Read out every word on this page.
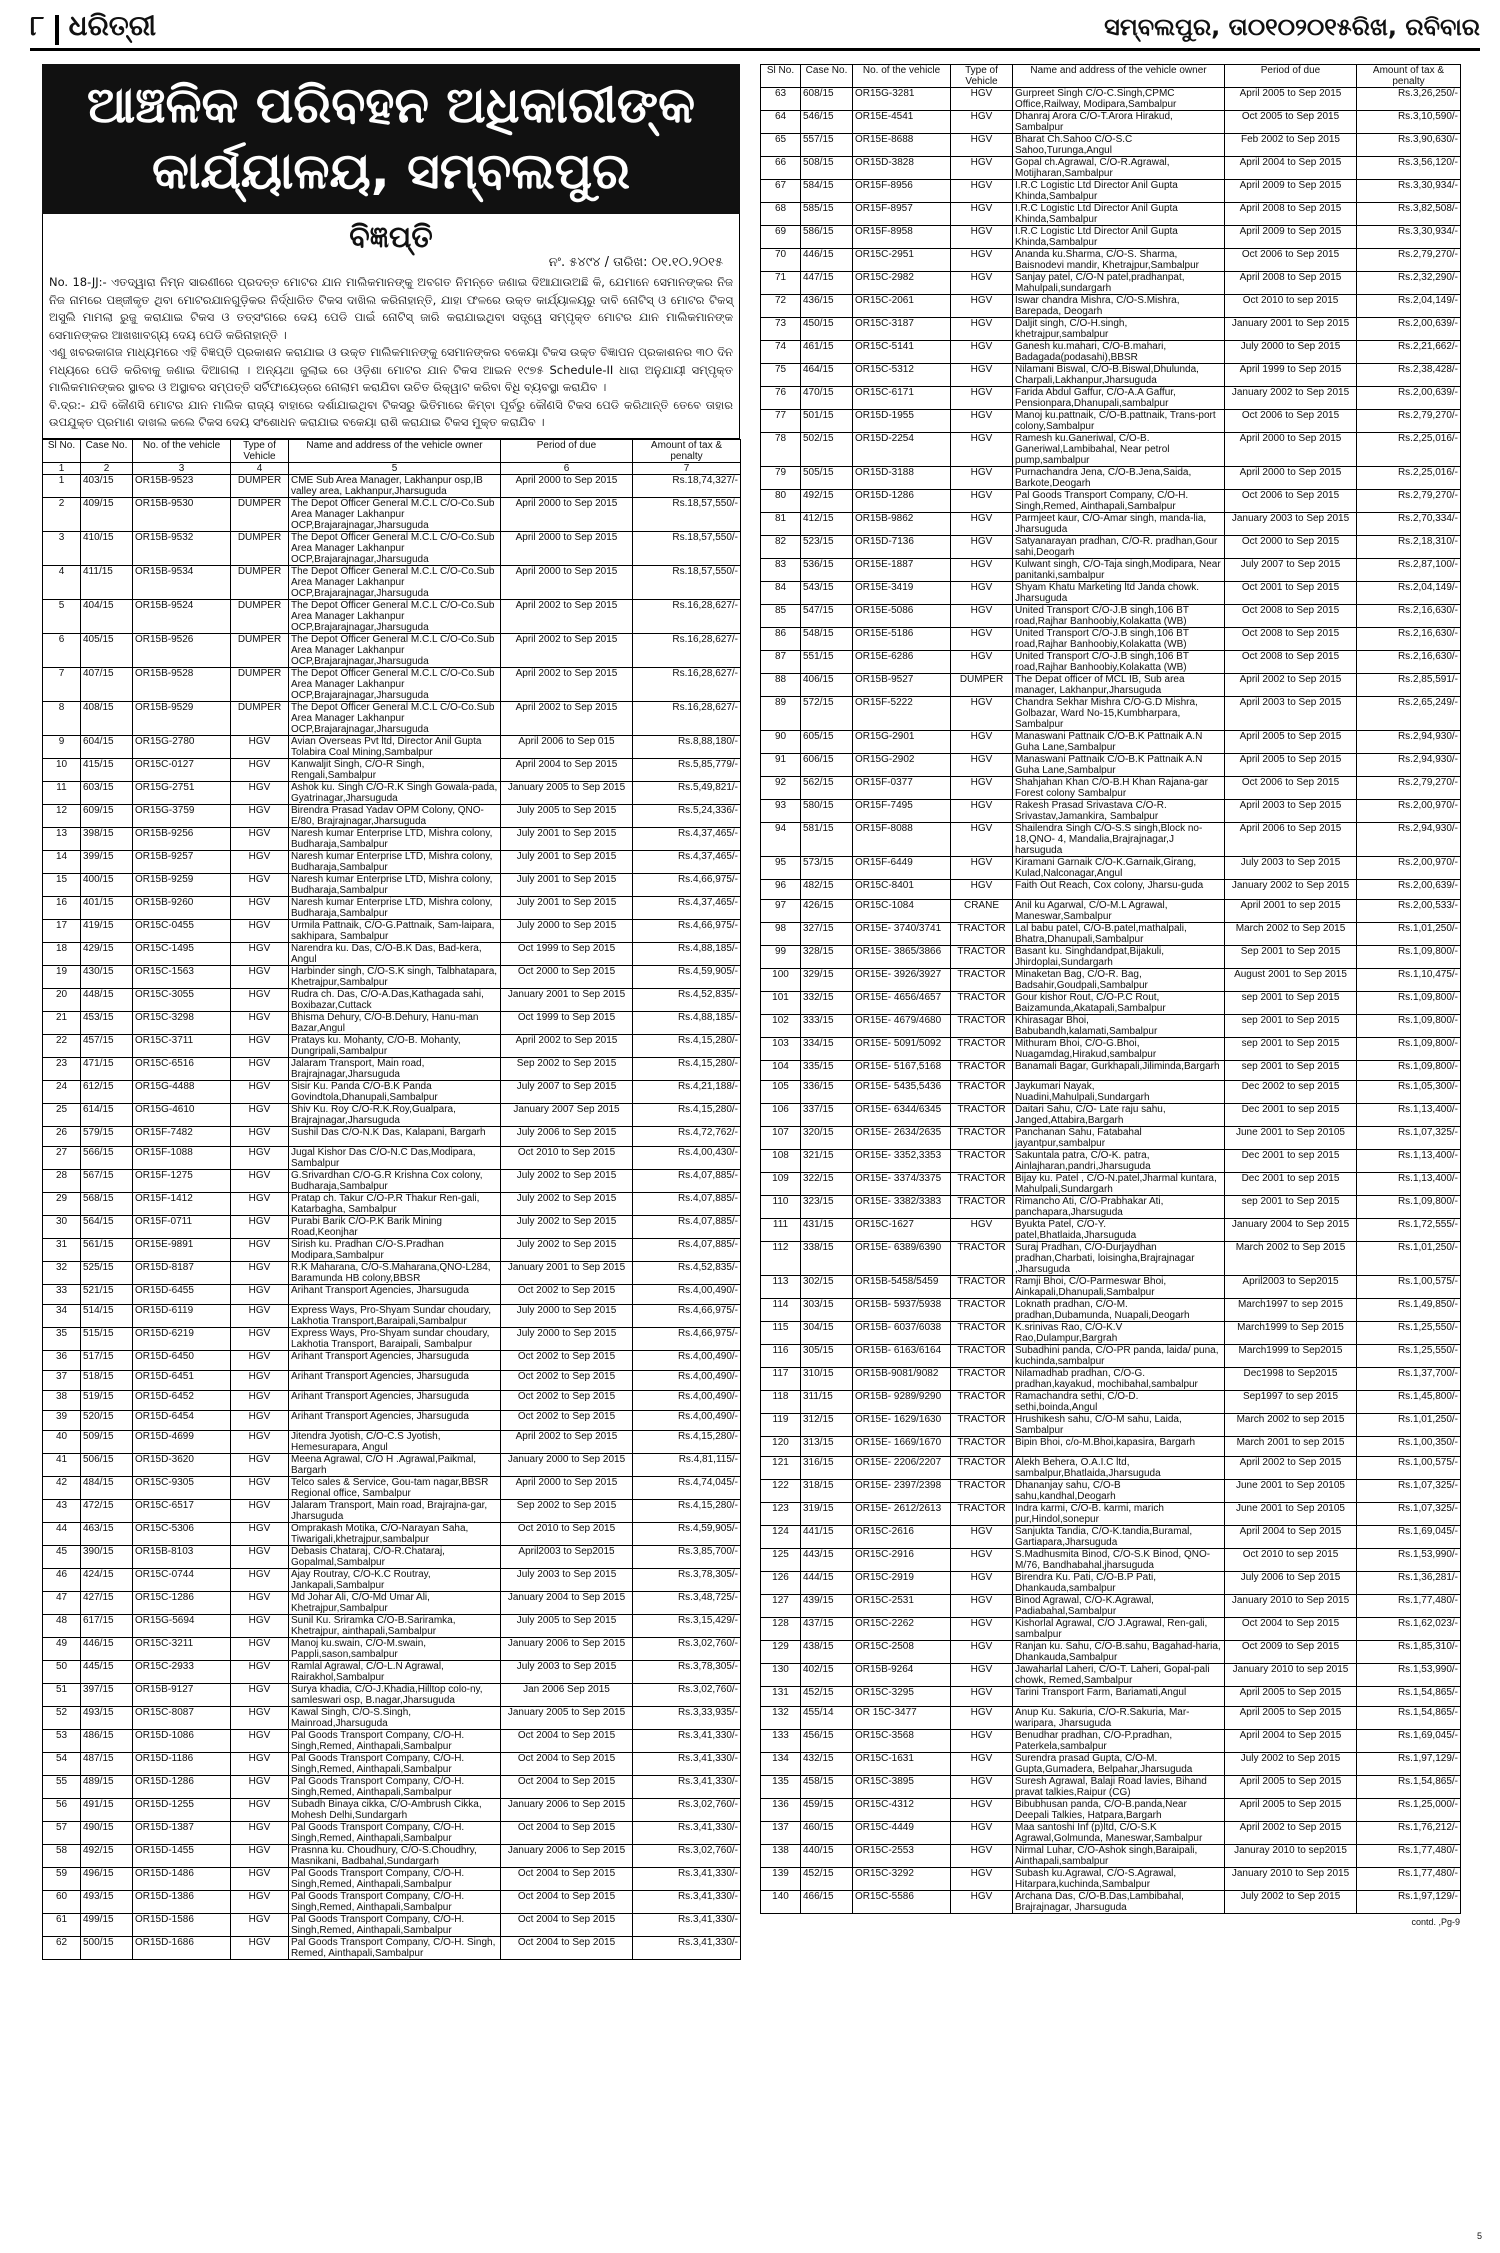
୮ ଧରିତ୍ରୀ	ସମ୍ବଲପୁର, ତା୦୧୦୨୦୧୫ରିଖ, ରବିବାର
ଆଞ୍ଚଳିକ ପରିବହନ ଅଧିକାରୀଙ୍କ
କାର୍ଯ୍ୟାଳୟ, ସମ୍ବଲପୁର
ବିଜ୍ଞପ୍ତି
ନଂ. ୫୪୯୪ / ତାରିଖ: ୦୧.୧୦.୨୦୧୫

No. 18-JJ:- ଏତଦ୍ୱାରା ନିମ୍ନ ସାରଣୀରେ ପ୍ରଦତ୍ତ ମୋଟର ଯାନ ମାଲିକମାନଙ୍କୁ ଅବଗତ ନିମନ୍ତେ ଜଣାଇ ଦିଆଯାଉଅଛି କି, ଯେମାନେ ସେମାନଙ୍କର ନିଜ ନିଜ ନାମରେ ପଞ୍ଜୀକୃତ ଥିବା ମୋଟରଯାନଗୁଡ଼ିକର ନିର୍ଦ୍ଧାରିତ ଟିକସ ଦାଖିଲ କରିନାହାନ୍ତି, ଯାହା ଫଳରେ ଉକ୍ତ କାର୍ଯ୍ୟାଳୟରୁ ଦାବି ନୋଟିସ୍ ଓ ମୋଟର ଟିକସ୍ ଅସୁଲି ମାମଲା ରୁଜୁ କରାଯାଇ ଟିକସ ଓ ତତ୍ସଂଗରେ ଦେୟ ପେଡି ପାଇଁ ନୋଟିସ୍ ଜାରି କରାଯାଇଥିବା ସତ୍ତ୍ୱେ ସମ୍ପୃକ୍ତ ମୋଟର ଯାନ ମାଲିକମାନଙ୍କ ସେମାନଙ୍କର ଆଖଖାବଗ୍ୟ ଦେୟ ପେଡି କରିନାହାନ୍ତି ।

ଏଣୁ ଖବରକାଗଜ ମାଧ୍ୟମରେ ଏହି ବିଜ୍ଞପ୍ତି ପ୍ରକାଶନ କରାଯାଇ ଓ ଉକ୍ତ ମାଲିକମାନଙ୍କୁ ସେମାନଙ୍କର ବକେୟା ଟିକସ ଉକ୍ତ ବିଜ୍ଞାପନ ପ୍ରକାଶନର ୩୦ ଦିନ ମଧ୍ୟରେ ପେଡି କରିବାକୁ ଜଣାଇ ଦିଆଗଲା । ଅନ୍ୟଥା ଜୁଲାଇ ରେ ଓଡ଼ିଶା ମୋଟର ଯାନ ଟିକସ ଆଇନ ୧୯୭୫ Schedule-II ଧାରା ଅନୁଯାୟୀ ସମ୍ପୃକ୍ତ ମାଲିକମାନଙ୍କର ସ୍ଥାବର ଓ ଅସ୍ଥାବର ସମ୍ପତ୍ତି ସର୍ଟିଫାୟେଡ୍ରେ ନୋଲାମ କରାଯିବା ଉଚିତ ରିକ୍ୱାଟ କରିବା ବିଧି ବ୍ୟବସ୍ଥା କରାଯିବ ।

ବି.ଦ୍ର:- ଯଦି କୌଣସି ମୋଟର ଯାନ ମାଲିକ ରାଜ୍ୟ ବାହାରେ ଦର୍ଶାଯାଇଥିବା ଟିକସରୁ ଭିତିମାରେ କିମ୍ବା ପୂର୍ବରୁ କୌଣସି ଟିକସ ପେଡି କରିଥାନ୍ତି ତେବେ ତାହାର ଉପଯୁକ୍ତ ପ୍ରମାଣ ଦାଖଲ କଲେ ଟିକସ ଦେୟ ସଂଶୋଧନ କରାଯାଇ ବକେୟା ରାଶି କରାଯାଇ ଟିକସ ମୁକ୍ତ କରାଯିବ ।

Sl No.	Case No.	No. of the vehicle	Type of Vehicle	Name and address of the vehicle owner	Period of due	Amount of tax & penalty
1	2	3	4	5	6	7
1	403/15	OR15B-9523	DUMPER	CME Sub Area Manager, Lakhanpur osp,IB valley area, Lakhanpur,Jharsuguda	April 2000 to Sep 2015	Rs.18,74,327/-
2	409/15	OR15B-9530	DUMPER	The Depot Officer General M.C.L C/O-Co.Sub Area Manager Lakhanpur OCP,Brajarajnagar,Jharsuguda	April 2000 to Sep 2015	Rs.18,57,550/-
3	410/15	OR15B-9532	DUMPER	The Depot Officer General M.C.L C/O-Co.Sub Area Manager Lakhanpur OCP,Brajarajnagar,Jharsuguda	April 2000 to Sep 2015	Rs.18,57,550/-
4	411/15	OR15B-9534	DUMPER	The Depot Officer General M.C.L C/O-Co.Sub Area Manager Lakhanpur OCP,Brajarajnagar,Jharsuguda	April 2000 to Sep 2015	Rs.18,57,550/-
5	404/15	OR15B-9524	DUMPER	The Depot Officer General M.C.L C/O-Co.Sub Area Manager Lakhanpur OCP,Brajarajnagar,Jharsuguda	April 2002 to Sep 2015	Rs.16,28,627/-
6	405/15	OR15B-9526	DUMPER	The Depot Officer General M.C.L C/O-Co.Sub Area Manager Lakhanpur OCP,Brajarajnagar,Jharsuguda	April 2002 to Sep 2015	Rs.16,28,627/-
7	407/15	OR15B-9528	DUMPER	The Depot Officer General M.C.L C/O-Co.Sub Area Manager Lakhanpur OCP,Brajarajnagar,Jharsuguda	April 2002 to Sep 2015	Rs.16,28,627/-
8	408/15	OR15B-9529	DUMPER	The Depot Officer General M.C.L C/O-Co.Sub Area Manager Lakhanpur OCP,Brajarajnagar,Jharsuguda	April 2002 to Sep 2015	Rs.16,28,627/-
9	604/15	OR15G-2780	HGV	Avian Overseas Pvt ltd, Director Anil Gupta Tolabira Coal Mining,Sambalpur	April 2006 to Sep 015	Rs.8,88,180/-
10	415/15	OR15C-0127	HGV	Kanwaljit Singh, C/O-R Singh, Rengali,Sambalpur	April 2004 to Sep 2015	Rs.5,85,779/-
11	603/15	OR15G-2751	HGV	Ashok ku. Singh C/O-R.K Singh Gowala-pada, Gyatrinagar,Jharsuguda	January 2005 to Sep 2015	Rs.5,49,821/-
12	609/15	OR15G-3759	HGV	Birendra Prasad Yadav OPM Colony, QNO-E/80, Brajrajnagar,Jharsuguda	July 2005 to Sep 2015	Rs.5,24,336/-
13	398/15	OR15B-9256	HGV	Naresh kumar Enterprise LTD, Mishra colony, Budharaja,Sambalpur	July 2001 to Sep 2015	Rs.4,37,465/-
14	399/15	OR15B-9257	HGV	Naresh kumar Enterprise LTD, Mishra colony, Budharaja,Sambalpur	July 2001 to Sep 2015	Rs.4,37,465/-
15	400/15	OR15B-9259	HGV	Naresh kumar Enterprise LTD, Mishra colony, Budharaja,Sambalpur	July 2001 to Sep 2015	Rs.4,66,975/-
16	401/15	OR15B-9260	HGV	Naresh kumar Enterprise LTD, Mishra colony, Budharaja,Sambalpur	July 2001 to Sep 2015	Rs.4,37,465/-
17	419/15	OR15C-0455	HGV	Urmila Pattnaik, C/O-G.Pattnaik, Sam-laipara, sakhipara, Sambalpur	July 2000 to Sep 2015	Rs.4,66,975/-
18	429/15	OR15C-1495	HGV	Narendra ku. Das, C/O-B.K Das, Bad-kera, Angul	Oct 1999 to Sep 2015	Rs.4,88,185/-
19	430/15	OR15C-1563	HGV	Harbinder singh, C/O-S.K singh, Talbhatapara, Khetrajpur,Sambalpur	Oct 2000 to Sep 2015	Rs.4,59,905/-
20	448/15	OR15C-3055	HGV	Rudra ch. Das, C/O-A.Das,Kathagada sahi, Boxibazar,Cuttack	January 2001 to Sep 2015	Rs.4,52,835/-
21	453/15	OR15C-3298	HGV	Bhisma Dehury, C/O-B.Dehury, Hanu-man Bazar,Angul	Oct 1999 to Sep 2015	Rs.4,88,185/-
22	457/15	OR15C-3711	HGV	Pratays ku. Mohanty, C/O-B. Mohanty, Dungripali,Sambalpur	April 2002 to Sep 2015	Rs.4,15,280/-
23	471/15	OR15C-6516	HGV	Jalaram Transport, Main road, Brajrajnagar,Jharsuguda	Sep 2002 to Sep 2015	Rs.4,15,280/-
24	612/15	OR15G-4488	HGV	Sisir Ku. Panda C/O-B.K Panda Govindtola,Dhanupali,Sambalpur	July 2007 to Sep 2015	Rs.4,21,188/-
25	614/15	OR15G-4610	HGV	Shiv Ku. Roy C/O-R.K.Roy,Gualpara, Brajrajnagar,Jharsuguda	January 2007 Sep 2015	Rs.4,15,280/-
26	579/15	OR15F-7482	HGV	Sushil Das C/O-N.K Das, Kalapani, Bargarh	July 2006 to Sep 2015	Rs.4,72,762/-
27	566/15	OR15F-1088	HGV	Jugal Kishor Das C/O-N.C Das,Modipara, Sambalpur	Oct 2010 to Sep 2015	Rs.4,00,430/-
28	567/15	OR15F-1275	HGV	G.Srivardhan C/O-G.R Krishna Cox colony, Budharaja,Sambalpur	July 2002 to Sep 2015	Rs.4,07,885/-
29	568/15	OR15F-1412	HGV	Pratap ch. Takur C/O-P.R Thakur Ren-gali, Katarbagha, Sambalpur	July 2002 to Sep 2015	Rs.4,07,885/-
30	564/15	OR15F-0711	HGV	Purabi Barik C/O-P.K Barik Mining Road,Keonjhar	July 2002 to Sep 2015	Rs.4,07,885/-
31	561/15	OR15E-9891	HGV	Sirish ku. Pradhan C/O-S.Pradhan Modipara,Sambalpur	July 2002 to Sep 2015	Rs.4,07,885/-
32	525/15	OR15D-8187	HGV	R.K Maharana, C/O-S.Maharana,QNO-L284, Baramunda HB colony,BBSR	January 2001 to Sep 2015	Rs.4,52,835/-
33	521/15	OR15D-6455	HGV	Arihant Transport Agencies, Jharsuguda	Oct 2002 to Sep 2015	Rs.4,00,490/-
34	514/15	OR15D-6119	HGV	Express Ways, Pro-Shyam Sundar choudary, Lakhotia Transport,Baraipali,Sambalpur	July 2000 to Sep 2015	Rs.4,66,975/-
35	515/15	OR15D-6219	HGV	Express Ways, Pro-Shyam sundar choudary, Lakhotia Transport, Baraipali, Sambalpur	July 2000 to Sep 2015	Rs.4,66,975/-
36	517/15	OR15D-6450	HGV	Arihant Transport Agencies, Jharsuguda	Oct 2002 to Sep 2015	Rs.4,00,490/-
37	518/15	OR15D-6451	HGV	Arihant Transport Agencies, Jharsuguda	Oct 2002 to Sep 2015	Rs.4,00,490/-
38	519/15	OR15D-6452	HGV	Arihant Transport Agencies, Jharsuguda	Oct 2002 to Sep 2015	Rs.4,00,490/-
39	520/15	OR15D-6454	HGV	Arihant Transport Agencies, Jharsuguda	Oct 2002 to Sep 2015	Rs.4,00,490/-
40	509/15	OR15D-4699	HGV	Jitendra Jyotish, C/O-C.S Jyotish, Hemesurapara, Angul	April 2002 to Sep 2015	Rs.4,15,280/-
41	506/15	OR15D-3620	HGV	Meena Agrawal, C/O H .Agrawal,Paikmal, Bargarh	January 2000 to Sep 2015	Rs.4,81,115/-
42	484/15	OR15C-9305	HGV	Telco sales & Service, Gou-tam nagar,BBSR Regional office, Sambalpur	April 2000 to Sep 2015	Rs.4,74,045/-
43	472/15	OR15C-6517	HGV	Jalaram Transport, Main road, Brajrajna-gar, Jharsuguda	Sep 2002 to Sep 2015	Rs.4,15,280/-
44	463/15	OR15C-5306	HGV	Omprakash Motika, C/O-Narayan Saha, Tiwarigali,khetrajpur,sambalpur	Oct 2010 to Sep 2015	Rs.4,59,905/-
45	390/15	OR15B-8103	HGV	Debasis Chataraj, C/O-R.Chataraj, Gopalmal,Sambalpur	April2003 to Sep2015	Rs.3,85,700/-
46	424/15	OR15C-0744	HGV	Ajay Routray, C/O-K.C Routray, Jankapali,Sambalpur	July 2003 to Sep 2015	Rs.3,78,305/-
47	427/15	OR15C-1286	HGV	Md Johar Ali, C/O-Md Umar Ali, Khetrajpur,Sambalpur	January 2004 to Sep 2015	Rs.3,48,725/-
48	617/15	OR15G-5694	HGV	Sunil Ku. Sriramka C/O-B.Sariramka, Khetrajpur, ainthapali,Sambalpur	July 2005 to Sep 2015	Rs.3,15,429/-
49	446/15	OR15C-3211	HGV	Manoj ku.swain, C/O-M.swain, Pappli,sason,sambalpur	January 2006 to Sep 2015	Rs.3,02,760/-
50	445/15	OR15C-2933	HGV	Ramlal Agrawal, C/O-L.N Agrawal, Rairakhol,Sambalpur	July 2003 to Sep 2015	Rs.3,78,305/-
51	397/15	OR15B-9127	HGV	Surya khadia, C/O-J.Khadia,Hilltop colo-ny, samleswari osp, B.nagar,Jharsuguda	Jan 2006 Sep 2015	Rs.3,02,760/-
52	493/15	OR15C-8087	HGV	Kawal Singh, C/O-S.Singh, Mainroad,Jharsuguda	January 2005 to Sep 2015	Rs.3,33,935/-
53	486/15	OR15D-1086	HGV	Pal Goods Transport Company, C/O-H. Singh,Remed, Ainthapali,Sambalpur	Oct 2004 to Sep 2015	Rs.3,41,330/-
54	487/15	OR15D-1186	HGV	Pal Goods Transport Company, C/O-H. Singh,Remed, Ainthapali,Sambalpur	Oct 2004 to Sep 2015	Rs.3,41,330/-
55	489/15	OR15D-1286	HGV	Pal Goods Transport Company, C/O-H. Singh,Remed, Ainthapali,Sambalpur	Oct 2004 to Sep 2015	Rs.3,41,330/-
56	491/15	OR15D-1255	HGV	Subadh Binaya cikka, C/O-Ambrush Cikka, Mohesh Delhi,Sundargarh	January 2006 to Sep 2015	Rs.3,02,760/-
57	490/15	OR15D-1387	HGV	Pal Goods Transport Company, C/O-H. Singh,Remed, Ainthapali,Sambalpur	Oct 2004 to Sep 2015	Rs.3,41,330/-
58	492/15	OR15D-1455	HGV	Prasnna ku. Choudhury, C/O-S.Choudhry, Masnikani, Badbahal,Sundargarh	January 2006 to Sep 2015	Rs.3,02,760/-
59	496/15	OR15D-1486	HGV	Pal Goods Transport Company, C/O-H. Singh,Remed, Ainthapali,Sambalpur	Oct 2004 to Sep 2015	Rs.3,41,330/-
60	493/15	OR15D-1386	HGV	Pal Goods Transport Company, C/O-H. Singh,Remed, Ainthapali,Sambalpur	Oct 2004 to Sep 2015	Rs.3,41,330/-
61	499/15	OR15D-1586	HGV	Pal Goods Transport Company, C/O-H. Singh,Remed, Ainthapali,Sambalpur	Oct 2004 to Sep 2015	Rs.3,41,330/-
62	500/15	OR15D-1686	HGV	Pal Goods Transport Company, C/O-H. Singh, Remed, Ainthapali,Sambalpur	Oct 2004 to Sep 2015	Rs.3,41,330/-
Sl No.	Case No.	No. of the vehicle	Type of Vehicle	Name and address of the vehicle owner	Period of due	Amount of tax & penalty
63	608/15	OR15G-3281	HGV	Gurpreet Singh C/O-C.Singh,CPMC Office,Railway, Modipara,Sambalpur	April 2005 to Sep 2015	Rs.3,26,250/-
64	546/15	OR15E-4541	HGV	Dhanraj Arora C/O-T.Arora Hirakud, Sambalpur	Oct 2005 to Sep 2015	Rs.3,10,590/-
65	557/15	OR15E-8688	HGV	Bharat Ch.Sahoo C/O-S.C Sahoo,Turunga,Angul	Feb 2002 to Sep 2015	Rs.3,90,630/-
66	508/15	OR15D-3828	HGV	Gopal ch.Agrawal, C/O-R.Agrawal, Motijharan,Sambalpur	April 2004 to Sep 2015	Rs.3,56,120/-
67	584/15	OR15F-8956	HGV	I.R.C Logistic Ltd Director Anil Gupta Khinda,Sambalpur	April 2009 to Sep 2015	Rs.3,30,934/-
68	585/15	OR15F-8957	HGV	I.R.C Logistic Ltd Director Anil Gupta Khinda,Sambalpur	April 2008 to Sep 2015	Rs.3,82,508/-
69	586/15	OR15F-8958	HGV	I.R.C Logistic Ltd Director Anil Gupta Khinda,Sambalpur	April 2009 to Sep 2015	Rs.3,30,934/-
70	446/15	OR15C-2951	HGV	Ananda ku.Sharma, C/O-S. Sharma, Baisnodevi mandir, Khetrajpur,Sambalpur	Oct 2006 to Sep 2015	Rs.2,79,270/-
71	447/15	OR15C-2982	HGV	Sanjay patel, C/O-N patel,pradhanpat, Mahulpali,sundargarh	April 2008 to Sep 2015	Rs.2,32,290/-
72	436/15	OR15C-2061	HGV	Iswar chandra Mishra, C/O-S.Mishra, Barepada, Deogarh	Oct 2010 to sep 2015	Rs.2,04,149/-
73	450/15	OR15C-3187	HGV	Daljit singh, C/O-H.singh, khetrajpur,sambalpur	January 2001 to Sep 2015	Rs.2,00,639/-
74	461/15	OR15C-5141	HGV	Ganesh ku.mahari, C/O-B.mahari, Badagada(podasahi),BBSR	July 2000 to Sep 2015	Rs.2,21,662/-
75	464/15	OR15C-5312	HGV	Nilamani Biswal, C/O-B.Biswal,Dhulunda, Charpali,Lakhanpur,Jharsuguda	April 1999 to Sep 2015	Rs.2,38,428/-
76	470/15	OR15C-6171	HGV	Farida Abdul Gaffur, C/O-A.A Gaffur, Pensionpara,Dhanupali,sambalpur	January 2002 to Sep 2015	Rs.2,00,639/-
77	501/15	OR15D-1955	HGV	Manoj ku.pattnaik, C/O-B.pattnaik, Trans-port colony,Sambalpur	Oct 2006 to Sep 2015	Rs.2,79,270/-
78	502/15	OR15D-2254	HGV	Ramesh ku.Ganeriwal, C/O-B. Ganeriwal,Lambibahal, Near petrol pump,sambalpur	April 2000 to Sep 2015	Rs.2,25,016/-
79	505/15	OR15D-3188	HGV	Purnachandra Jena, C/O-B.Jena,Saida, Barkote,Deogarh	April 2000 to Sep 2015	Rs.2,25,016/-
80	492/15	OR15D-1286	HGV	Pal Goods Transport Company, C/O-H. Singh,Remed, Ainthapali,Sambalpur	Oct 2006 to Sep 2015	Rs.2,79,270/-
81	412/15	OR15B-9862	HGV	Parmjeet kaur, C/O-Amar singh, manda-lia, Jharsuguda	January 2003 to Sep 2015	Rs.2,70,334/-
82	523/15	OR15D-7136	HGV	Satyanarayan pradhan, C/O-R. pradhan,Gour sahi,Deogarh	Oct 2000 to Sep 2015	Rs.2,18,310/-
83	536/15	OR15E-1887	HGV	Kulwant singh, C/O-Taja singh,Modipara, Near panitanki,sambalpur	July 2007 to Sep 2015	Rs.2,87,100/-
84	543/15	OR15E-3419	HGV	Shyam Khatu Marketing ltd Janda chowk. Jharsuguda	Oct 2001 to Sep 2015	Rs.2,04,149/-
85	547/15	OR15E-5086	HGV	United Transport C/O-J.B singh,106 BT road,Rajhar Banhoobiy,Kolakatta (WB)	Oct 2008 to Sep 2015	Rs.2,16,630/-
86	548/15	OR15E-5186	HGV	United Transport C/O-J.B singh,106 BT road,Rajhar Banhoobiy,Kolakatta (WB)	Oct 2008 to Sep 2015	Rs.2,16,630/-
87	551/15	OR15E-6286	HGV	United Transport C/O-J.B singh,106 BT road,Rajhar Banhoobiy,Kolakatta (WB)	Oct 2008 to Sep 2015	Rs.2,16,630/-
88	406/15	OR15B-9527	DUMPER	The Depat officer of MCL IB, Sub area manager, Lakhanpur,Jharsuguda	April 2002 to Sep 2015	Rs.2,85,591/-
89	572/15	OR15F-5222	HGV	Chandra Sekhar Mishra C/O-G.D Mishra, Golbazar, Ward No-15,Kumbharpara, Sambalpur	April 2003 to Sep 2015	Rs.2,65,249/-
90	605/15	OR15G-2901	HGV	Manaswani Pattnaik C/O-B.K Pattnaik A.N Guha Lane,Sambalpur	April 2005 to Sep 2015	Rs.2,94,930/-
91	606/15	OR15G-2902	HGV	Manaswani Pattnaik C/O-B.K Pattnaik A.N Guha Lane,Sambalpur	April 2005 to Sep 2015	Rs.2,94,930/-
92	562/15	OR15F-0377	HGV	Shahjahan Khan C/O-B.H Khan Rajana-gar Forest colony Sambalpur	Oct 2006 to Sep 2015	Rs.2,79,270/-
93	580/15	OR15F-7495	HGV	Rakesh Prasad Srivastava C/O-R. Srivastav,Jamankira, Sambalpur	April 2003 to Sep 2015	Rs.2,00,970/-
94	581/15	OR15F-8088	HGV	Shailendra Singh C/O-S.S singh,Block no-18,QNO- 4, Mandalia,Brajrajnagar,J harsuguda	April 2006 to Sep 2015	Rs.2,94,930/-
95	573/15	OR15F-6449	HGV	Kiramani Garnaik C/O-K.Garnaik,Girang, Kulad,Nalconagar,Angul	July 2003 to Sep 2015	Rs.2,00,970/-
96	482/15	OR15C-8401	HGV	Faith Out Reach, Cox colony, Jharsu-guda	January 2002 to Sep 2015	Rs.2,00,639/-
97	426/15	OR15C-1084	CRANE	Anil ku Agarwal, C/O-M.L Agrawal, Maneswar,Sambalpur	April 2001 to sep 2015	Rs.2,00,533/-
98	327/15	OR15E- 3740/3741	TRACTOR	Lal babu patel, C/O-B.patel,mathalpali, Bhatra,Dhanupali,Sambalpur	March 2002 to Sep 2015	Rs.1,01,250/-
99	328/15	OR15E- 3865/3866	TRACTOR	Basant ku. Singhdandpat,Bijakuli, Jhirdoplai,Sundargarh	Sep 2001 to Sep 2015	Rs.1,09,800/-
100	329/15	OR15E- 3926/3927	TRACTOR	Minaketan Bag, C/O-R. Bag, Badsahir,Goudpali,Sambalpur	August 2001 to Sep 2015	Rs.1,10,475/-
101	332/15	OR15E- 4656/4657	TRACTOR	Gour kishor Rout, C/O-P.C Rout, Baizamunda,Akatapali,Sambalpur	sep 2001 to Sep 2015	Rs.1,09,800/-
102	333/15	OR15E- 4679/4680	TRACTOR	Khirasagar Bhoi, Babubandh,kalamati,Sambalpur	sep 2001 to Sep 2015	Rs.1,09,800/-
103	334/15	OR15E- 5091/5092	TRACTOR	Mithuram Bhoi, C/O-G.Bhoi, Nuagamdag,Hirakud,sambalpur	sep 2001 to Sep 2015	Rs.1,09,800/-
104	335/15	OR15E- 5167,5168	TRACTOR	Banamali Bagar, Gurkhapali,Jiliminda,Bargarh	sep 2001 to Sep 2015	Rs.1,09,800/-
105	336/15	OR15E- 5435,5436	TRACTOR	Jaykumari Nayak, Nuadini,Mahulpali,Sundargarh	Dec 2002 to sep 2015	Rs.1,05,300/-
106	337/15	OR15E- 6344/6345	TRACTOR	Daitari Sahu, C/O- Late raju sahu, Janged,Attabira,Bargarh	Dec 2001 to sep 2015	Rs.1,13,400/-
107	320/15	OR15E- 2634/2635	TRACTOR	Panchanan Sahu, Fatabahal jayantpur,sambalpur	June 2001 to Sep 20105	Rs.1,07,325/-
108	321/15	OR15E- 3352,3353	TRACTOR	Sakuntala patra, C/O-K. patra, Ainlajharan,pandri,Jharsuguda	Dec 2001 to sep 2015	Rs.1,13,400/-
109	322/15	OR15E- 3374/3375	TRACTOR	Bijay ku. Patel , C/O-N.patel,Jharmal kuntara, Mahulpali,Sundargarh	Dec 2001 to sep 2015	Rs.1,13,400/-
110	323/15	OR15E- 3382/3383	TRACTOR	Rimancho Ati, C/O-Prabhakar Ati, panchapara,Jharsuguda	sep 2001 to Sep 2015	Rs.1,09,800/-
111	431/15	OR15C-1627	HGV	Byukta Patel, C/O-Y. patel,Bhatlaida,Jharsuguda	January 2004 to Sep 2015	Rs.1,72,555/-
112	338/15	OR15E- 6389/6390	TRACTOR	Suraj Pradhan, C/O-Durjaydhan pradhan,Charbati, loisingha,Brajrajnagar ,Jharsuguda	March 2002 to Sep 2015	Rs.1,01,250/-
113	302/15	OR15B-5458/5459	TRACTOR	Ramji Bhoi, C/O-Parmeswar Bhoi, Ainkapali,Dhanupali,Sambalpur	April2003 to Sep2015	Rs.1,00,575/-
114	303/15	OR15B- 5937/5938	TRACTOR	Loknath pradhan, C/O-M. pradhan,Dubamunda, Nuapali,Deogarh	March1997 to sep 2015	Rs.1,49,850/-
115	304/15	OR15B- 6037/6038	TRACTOR	K.srinivas Rao, C/O-K.V Rao,Dulampur,Bargrah	March1999 to Sep 2015	Rs.1,25,550/-
116	305/15	OR15B- 6163/6164	TRACTOR	Subadhini panda, C/O-PR panda, laida/ puna, kuchinda,sambalpur	March1999 to Sep2015	Rs.1,25,550/-
117	310/15	OR15B-9081/9082	TRACTOR	Nilamadhab pradhan, C/O-G. pradhan,kayakud, mochibahal,sambalpur	Dec1998 to Sep2015	Rs.1,37,700/-
118	311/15	OR15B- 9289/9290	TRACTOR	Ramachandra sethi, C/O-D. sethi,boinda,Angul	Sep1997 to sep 2015	Rs.1,45,800/-
119	312/15	OR15E- 1629/1630	TRACTOR	Hrushikesh sahu, C/O-M sahu, Laida, Sambalpur	March 2002 to sep 2015	Rs.1,01,250/-
120	313/15	OR15E- 1669/1670	TRACTOR	Bipin Bhoi, c/o-M.Bhoi,kapasira, Bargarh	March 2001 to sep 2015	Rs.1,00,350/-
121	316/15	OR15E- 2206/2207	TRACTOR	Alekh Behera, O.A.I.C ltd, sambalpur,Bhatlaida,Jharsuguda	April 2002 to Sep 2015	Rs.1,00,575/-
122	318/15	OR15E- 2397/2398	TRACTOR	Dhananjay sahu, C/O-B sahu,kandhal,Deogarh	June 2001 to Sep 20105	Rs.1,07,325/-
123	319/15	OR15E- 2612/2613	TRACTOR	Indra karmi, C/O-B. karmi, marich pur,Hindol,sonepur	June 2001 to Sep 20105	Rs.1,07,325/-
124	441/15	OR15C-2616	HGV	Sanjukta Tandia, C/O-K.tandia,Buramal, Gartiapara,Jharsuguda	April 2004 to Sep 2015	Rs.1,69,045/-
125	443/15	OR15C-2916	HGV	S.Madhusmita Binod, C/O-S.K Binod, QNO-M/76, Bandhabahal,jharsuguda	Oct 2010 to sep 2015	Rs.1,53,990/-
126	444/15	OR15C-2919	HGV	Birendra Ku. Pati, C/O-B.P Pati, Dhankauda,sambalpur	July 2006 to Sep 2015	Rs.1,36,281/-
127	439/15	OR15C-2531	HGV	Binod Agrawal, C/O-K.Agrawal, Padiabahal,Sambalpur	January 2010 to Sep 2015	Rs.1,77,480/-
128	437/15	OR15C-2262	HGV	Kishorlal Agrawal, C/O J.Agrawal, Ren-gali, sambalpur	Oct 2004 to Sep 2015	Rs.1,62,023/-
129	438/15	OR15C-2508	HGV	Ranjan ku. Sahu, C/O-B.sahu, Bagahad-haria, Dhankauda,Sambalpur	Oct 2009 to Sep 2015	Rs.1,85,310/-
130	402/15	OR15B-9264	HGV	Jawaharlal Laheri, C/O-T. Laheri, Gopal-pali chowk, Remed,Sambalpur	January 2010 to sep 2015	Rs.1,53,990/-
131	452/15	OR15C-3295	HGV	Tarini Transport Farm, Bariamati,Angul	April 2005 to Sep 2015	Rs.1,54,865/-
132	455/14	OR 15C-3477	HGV	Anup Ku. Sakuria, C/O-R.Sakuria, Mar-waripara, Jharsuguda	April 2005 to Sep 2015	Rs.1,54,865/-
133	456/15	OR15C-3568	HGV	Benudhar pradhan, C/O-P.pradhan, Paterkela,sambalpur	April 2004 to Sep 2015	Rs.1,69,045/-
134	432/15	OR15C-1631	HGV	Surendra prasad Gupta, C/O-M. Gupta,Gumadera, Belpahar,Jharsuguda	July 2002 to Sep 2015	Rs.1,97,129/-
135	458/15	OR15C-3895	HGV	Suresh Agrawal, Balaji Road lavies, Bihand pravat talkies,Raipur (CG)	April 2005 to Sep 2015	Rs.1,54,865/-
136	459/15	OR15C-4312	HGV	Bibubhusan panda, C/O-B.panda,Near Deepali Talkies, Hatpara,Bargarh	April 2005 to Sep 2015	Rs.1,25,000/-
137	460/15	OR15C-4449	HGV	Maa santoshi Inf (p)ltd, C/O-S.K Agrawal,Golmunda, Maneswar,Sambalpur	April 2002 to Sep 2015	Rs.1,76,212/-
138	440/15	OR15C-2553	HGV	Nirmal Luhar, C/O-Ashok singh,Baraipali, Ainthapali,sambalpur	Januray 2010 to sep2015	Rs.1,77,480/-
139	452/15	OR15C-3292	HGV	Subash ku.Agrawal, C/O-S.Agrawal, Hitarpara,kuchinda,Sambalpur	January 2010 to Sep 2015	Rs.1,77,480/-
140	466/15	OR15C-5586	HGV	Archana Das, C/O-B.Das,Lambibahal, Brajrajnagar, Jharsuguda	July 2002 to Sep 2015	Rs.1,97,129/-
contd. ,Pg-9
5
